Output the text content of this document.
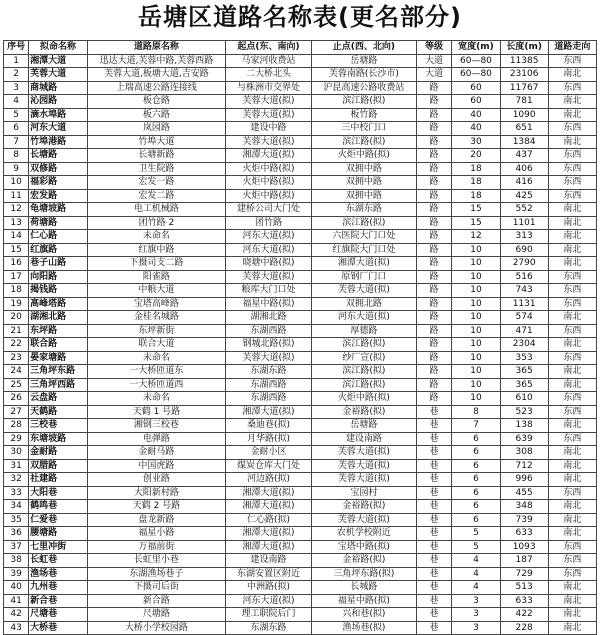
岳塘区道路名称表(更名部分)
序号	拟命名称	道路原名称	起点(东、南向)	止点(西、北向)	等级	宽度(m)	长度(m)	道路走向
1	湘潭大道	迅达大道,芙蓉中路,芙蓉西路	马家河收费站	岳塘路	大道	60—80	11385	东西
2	芙蓉大道	芙蓉大道,板塘大道,吉安路	二大桥北头	芙蓉南路(长沙市)	大道	60—80	23106	南北
3	商城路	上瑞高速公路连接线	与株洲市交界处	沪昆高速公路收费站	路	60	11767	东西
4	沁园路	板仓路	芙蓉大道(拟)	滨江路(拟)	路	60	781	南北
5	滴水埠路	板六路	芙蓉大道(拟)	板竹路	路	40	1090	南北
6	河东大道	岚园路	建设中路	三中校门口	路	40	651	东西
7	竹埠港路	竹埠大道	芙蓉大道(拟)	滨江路(拟)	路	30	1384	南北
8	长塘路	长塘新路	湘潭大道(拟)	火炬中路(拟)	路	20	437	东西
9	双修路	卫生院路	火炬中路(拟)	双拥中路	路	18	406	东西
10	福彩路	宏发一路	火炬中路(拟)	双拥中路	路	18	416	东西
11	宏发路	宏发二路	火炬中路(拟)	双拥中路	路	18	425	东西
12	龟塘坡路	电工机械路	建桥公司大门处	东湖东路	路	15	552	南北
13	荷塘路	团竹路 2	团竹路	滨江路(拟)	路	15	1101	南北
14	仁心路	未命名	河东大道(拟)	六医院大门口处	路	12	313	南北
15	红旗路	红旗中路	河东大道(拟)	红旗院大门口处	路	10	690	南北
16	巷子山路	下摄司支二路	晓塘中路(拟)	湘潭大道(拟)	路	10	2790	南北
17	向阳路	阳雀路	芙蓉大道(拟)	原钢厂门口	路	10	516	东西
18	揭钱路	中粮大道	粮库大门口处	芙蓉大道(拟)	路	10	743	东西
19	高峰塔路	宝塔高峰路	福星中路(拟)	双拥北路	路	10	1131	东西
20	湖湘北路	金桂名城路	湖湘北路	河东大道(拟)	路	10	574	南北
21	东坪路	东坪新街	东湖西路	厚德路	路	10	471	东西
22	联合路	联合大道	钢城北路(拟)	滨江路(拟)	路	10	2304	南北
23	晏家塘路	未命名	芙蓉大道(拟)	纱厂宣(拟)	路	10	353	东西
24	三角坪东路	一大桥匝道东	东湖东路	滨江路(拟)	路	10	365	南北
25	三角坪西路	一大桥匝道西	东湖西路	滨江路(拟)	路	10	365	南北
26	云盘路	未命名	东湖西路	火炬中路(拟)	路	10	610	东西
27	天鹤路	天鹤 1 号路	湘潭大道(拟)	金裕路(拟)	巷	8	523	东西
28	三校巷	湘钢三校巷	桑迪巷(拟)	岳塘路	巷	7	138	南北
29	东塘坡路	电弹路	月华路(拟)	建设南路	巷	6	639	东西
30	金耐路	金耐马路	金耐小区	芙蓉大道(拟)	巷	6	308	南北
31	双腊路	中国虎路	煤炭仓库大门处	芙蓉大道(拟)	巷	6	712	南北
32	社建路	创业路	河边路(拟)	芙蓉大道(拟)	巷	6	996	南北
33	大阳巷	大阳新村路	湘潭大道(拟)	宝园村	巷	6	455	东西
34	鹤鸣巷	天鹤 2 号路	湘潭大道(拟)	金裕路(拟)	巷	6	348	南北
35	仁爱巷	盘龙新路	仁心路(拟)	芙蓉大道(拟)	巷	6	739	南北
36	腰塘路	福星小路	湘潭大道(拟)	农机学校附近	巷	5	633	南北
37	七里冲街	万福前街	湘潭大道(拟)	宝塔中路(拟)	巷	5	1093	东西
38	长虹巷	长虹里小巷	建设南路	金裕路(拟)	巷	4	187	东西
39	渔场巷	东湖渔场巷子	东湖安置区附近	三角坪东路(拟)	巷	4	729	东西
40	九州巷	下摄司后街	中洲路(拟)	长城路	巷	4	513	南北
41	新合巷	新合路	河东大道(拟)	福星中路(拟)	巷	3	633	南北
42	尺塘巷	尺塘路	理工职院后门	兴和巷(拟)	巷	3	422	南北
43	大桥巷	大桥小学校园路	东湖东路	渔场巷(拟)	巷	3	228	南北
